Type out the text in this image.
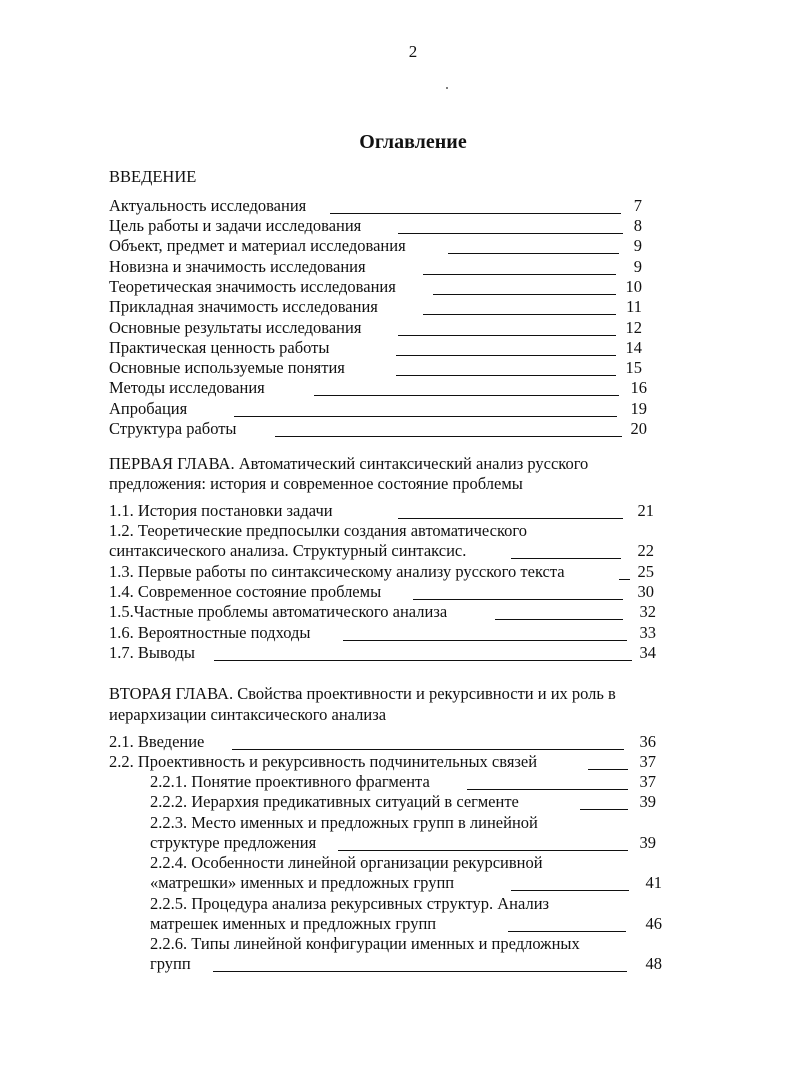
2
Оглавление
ВВЕДЕНИЕ
Актуальность исследования	7
Цель работы и задачи исследования	8
Объект, предмет и материал исследования	9
Новизна и значимость исследования	9
Теоретическая значимость исследования	10
Прикладная значимость исследования	11
Основные результаты исследования	12
Практическая ценность работы	14
Основные используемые понятия	15
Методы исследования	16
Апробация	19
Структура работы	20
ПЕРВАЯ ГЛАВА. Автоматический синтаксический анализ русского
предложения: история и современное состояние проблемы
1.1. История постановки задачи	21
1.2. Теоретические предпосылки создания автоматического
синтаксического анализа. Структурный синтаксис.	22
1.3. Первые работы по синтаксическому анализу русского текста	25
1.4. Современное состояние проблемы	30
1.5.Частные проблемы автоматического анализа	32
1.6. Вероятностные подходы	33
1.7. Выводы	34
ВТОРАЯ ГЛАВА. Свойства проективности и рекурсивности и их роль в
иерархизации синтаксического анализа
2.1. Введение	36
2.2. Проективность и рекурсивность подчинительных связей	37
2.2.1. Понятие проективного фрагмента	37
2.2.2. Иерархия предикативных ситуаций в сегменте	39
2.2.3. Место именных и предложных групп в линейной
структуре предложения	39
2.2.4. Особенности линейной организации рекурсивной
«матрешки» именных и предложных групп	41
2.2.5. Процедура анализа рекурсивных структур. Анализ
матрешек именных и предложных групп	46
2.2.6. Типы линейной конфигурации именных и предложных
групп	48
